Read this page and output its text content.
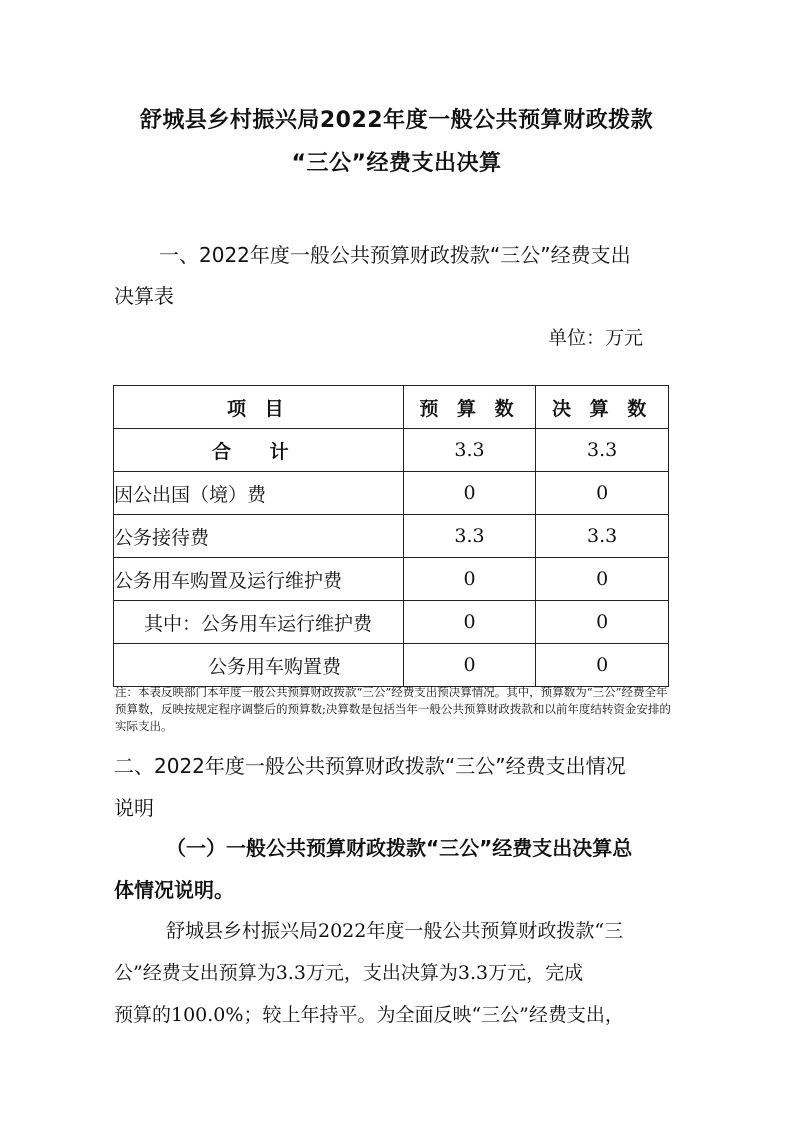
舒城县乡村振兴局2022年度一般公共预算财政拨款
“三公”经费支出决算
一、2022年度一般公共预算财政拨款“三公”经费支出
决算表
单位：万元
项 目	预 算 数	决 算 数
合 计	3.3	3.3
因公出国（境）费	0	0
公务接待费	3.3	3.3
公务用车购置及运行维护费	0	0
其中：公务用车运行维护费	0	0
公务用车购置费	0	0
注：本表反映部门本年度一般公共预算财政拨款“三公”经费支出预决算情况。其中，预算数为“三公”经费全年预算数，反映按规定程序调整后的预算数;决算数是包括当年一般公共预算财政拨款和以前年度结转资金安排的实际支出。
二、2022年度一般公共预算财政拨款“三公”经费支出情况
说明
（一）一般公共预算财政拨款“三公”经费支出决算总
体情况说明。
舒城县乡村振兴局2022年度一般公共预算财政拨款“三
公”经费支出预算为3.3万元，支出决算为3.3万元，完成
预算的100.0%；较上年持平。为全面反映“三公”经费支出，
